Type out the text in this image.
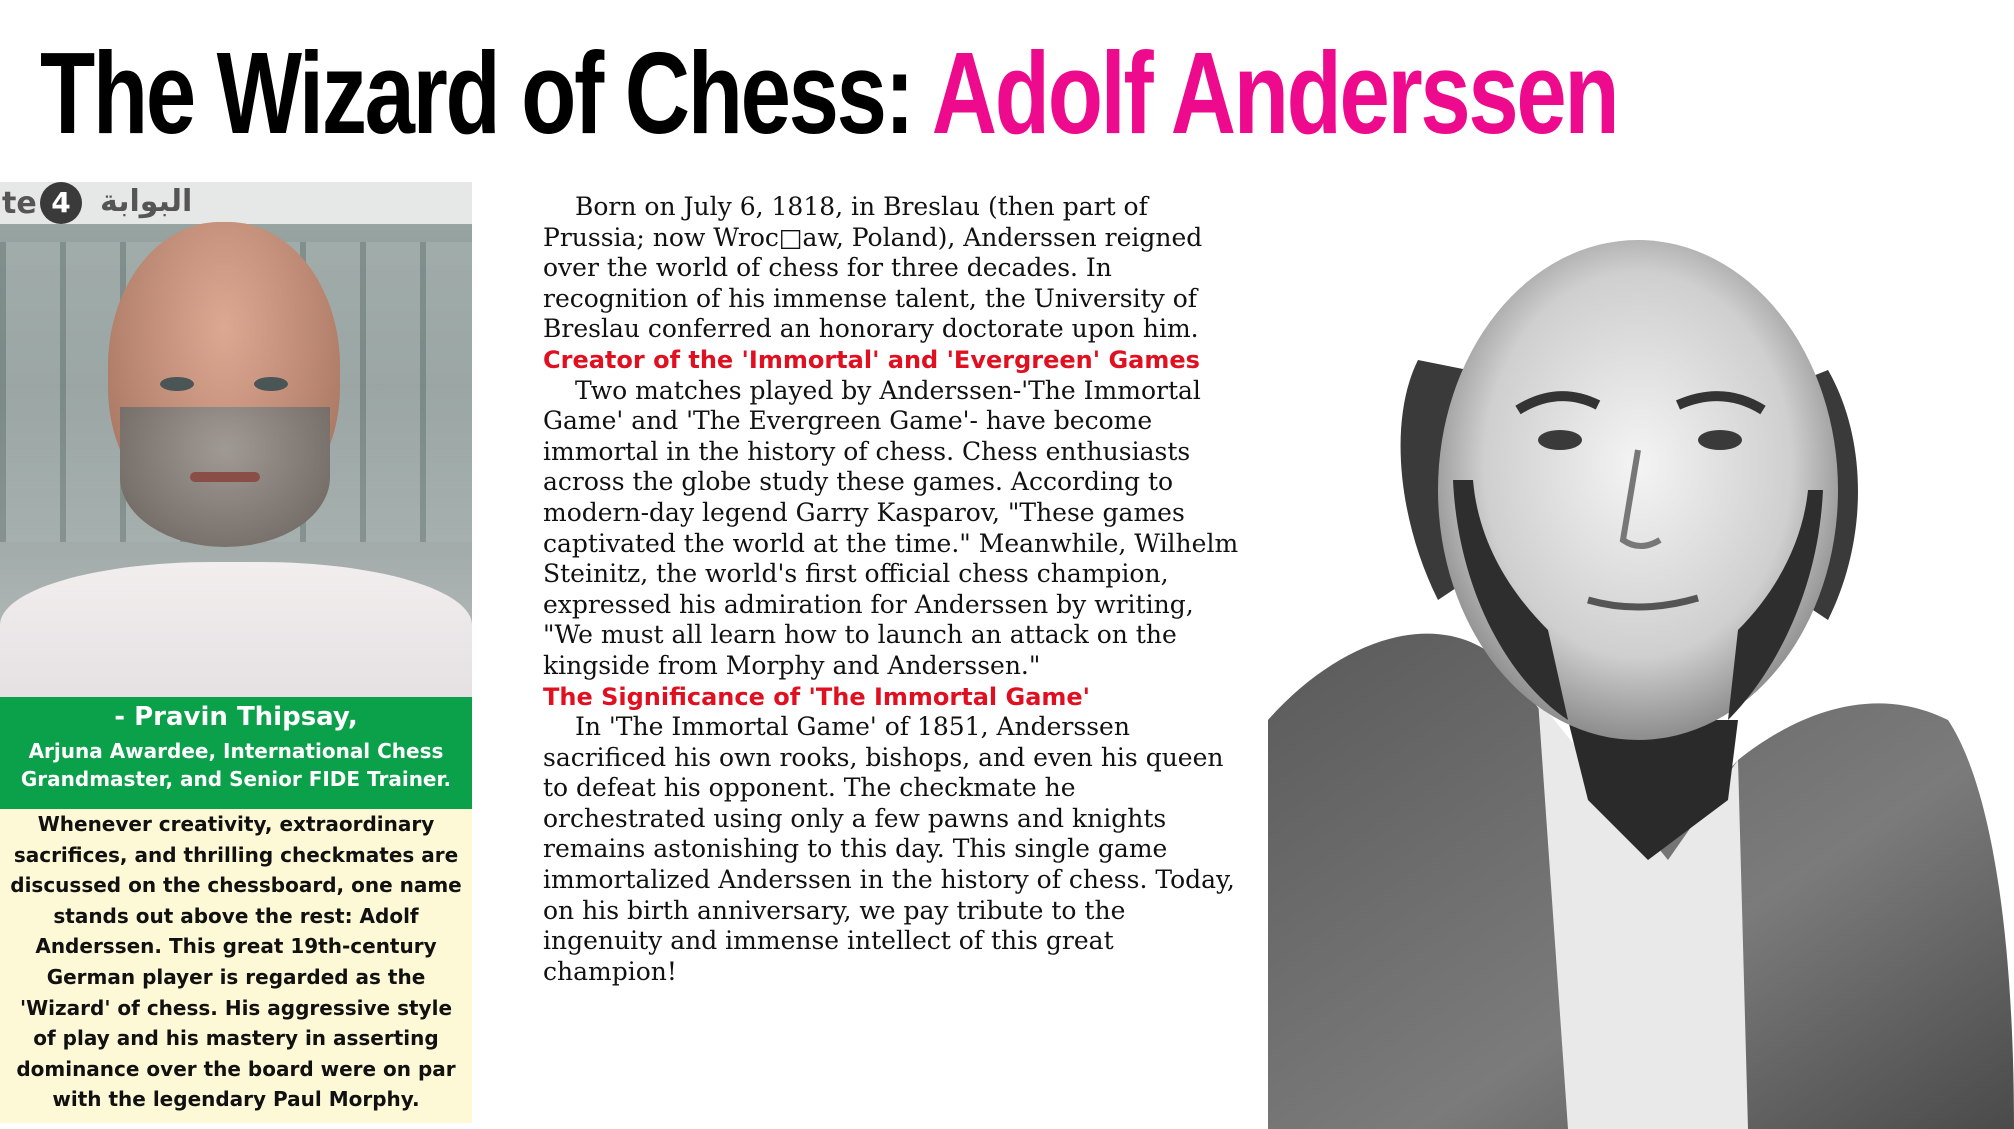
The Wizard of Chess: Adolf Anderssen
te 4 البوابة
- Pravin Thipsay,
Arjuna Awardee, International Chess Grandmaster, and Senior FIDE Trainer.

Whenever creativity, extraordinary sacrifices, and thrilling checkmates are discussed on the chessboard, one name stands out above the rest: Adolf Anderssen. This great 19th-century German player is regarded as the 'Wizard' of chess. His aggressive style of play and his mastery in asserting dominance over the board were on par with the legendary Paul Morphy.

Born on July 6, 1818, in Breslau (then part of Prussia; now Wroc□aw, Poland), Anderssen reigned over the world of chess for three decades. In recognition of his immense talent, the University of Breslau conferred an honorary doctorate upon him.

Creator of the 'Immortal' and 'Evergreen' Games

Two matches played by Anderssen-'The Immortal Game' and 'The Evergreen Game'- have become immortal in the history of chess. Chess enthusiasts across the globe study these games. According to modern-day legend Garry Kasparov, "These games captivated the world at the time." Meanwhile, Wilhelm Steinitz, the world's first official chess champion, expressed his admiration for Anderssen by writing, "We must all learn how to launch an attack on the kingside from Morphy and Anderssen."

The Significance of 'The Immortal Game'

In 'The Immortal Game' of 1851, Anderssen sacrificed his own rooks, bishops, and even his queen to defeat his opponent. The checkmate he orchestrated using only a few pawns and knights remains astonishing to this day. This single game immortalized Anderssen in the history of chess. Today, on his birth anniversary, we pay tribute to the ingenuity and immense intellect of this great champion!
